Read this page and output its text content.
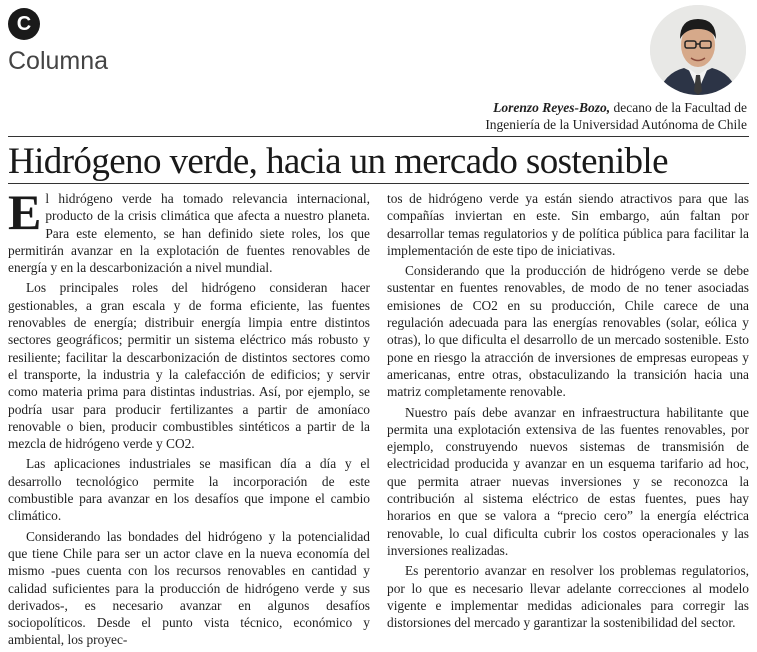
C
Columna
Lorenzo Reyes-Bozo, decano de la Facultad de
Ingeniería de la Universidad Autónoma de Chile
Hidrógeno verde, hacia un mercado sostenible

El hidrógeno verde ha tomado relevancia internacional, producto de la crisis climática que afecta a nuestro planeta. Para este elemento, se han definido siete roles, los que permitirán avanzar en la explotación de fuentes renovables de energía y en la descarbonización a nivel mundial.

Los principales roles del hidrógeno consideran hacer gestionables, a gran escala y de forma eficiente, las fuentes renovables de energía; distribuir energía limpia entre distintos sectores geográficos; permitir un sistema eléctrico más robusto y resiliente; facilitar la descarbonización de distintos sectores como el transporte, la industria y la calefacción de edificios; y servir como materia prima para distintas industrias. Así, por ejemplo, se podría usar para producir fertilizantes a partir de amoníaco renovable o bien, producir combustibles sintéticos a partir de la mezcla de hidrógeno verde y CO2.

Las aplicaciones industriales se masifican día a día y el desarrollo tecnológico permite la incorporación de este combustible para avanzar en los desafíos que impone el cambio climático.

Considerando las bondades del hidrógeno y la potencialidad que tiene Chile para ser un actor clave en la nueva economía del mismo -pues cuenta con los recursos renovables en cantidad y calidad suficientes para la producción de hidrógeno verde y sus derivados-, es necesario avanzar en algunos desafíos sociopolíticos. Desde el punto vista técnico, económico y ambiental, los proyec-

tos de hidrógeno verde ya están siendo atractivos para que las compañías inviertan en este. Sin embargo, aún faltan por desarrollar temas regulatorios y de política pública para facilitar la implementación de este tipo de iniciativas.

Considerando que la producción de hidrógeno verde se debe sustentar en fuentes renovables, de modo de no tener asociadas emisiones de CO2 en su producción, Chile carece de una regulación adecuada para las energías renovables (solar, eólica y otras), lo que dificulta el desarrollo de un mercado sostenible. Esto pone en riesgo la atracción de inversiones de empresas europeas y americanas, entre otras, obstaculizando la transición hacia una matriz completamente renovable.

Nuestro país debe avanzar en infraestructura habilitante que permita una explotación extensiva de las fuentes renovables, por ejemplo, construyendo nuevos sistemas de transmisión de electricidad producida y avanzar en un esquema tarifario ad hoc, que permita atraer nuevas inversiones y se reconozca la contribución al sistema eléctrico de estas fuentes, pues hay horarios en que se valora a “precio cero” la energía eléctrica renovable, lo cual dificulta cubrir los costos operacionales y las inversiones realizadas.

Es perentorio avanzar en resolver los problemas regulatorios, por lo que es necesario llevar adelante correcciones al modelo vigente e implementar medidas adicionales para corregir las distorsiones del mercado y garantizar la sostenibilidad del sector.
